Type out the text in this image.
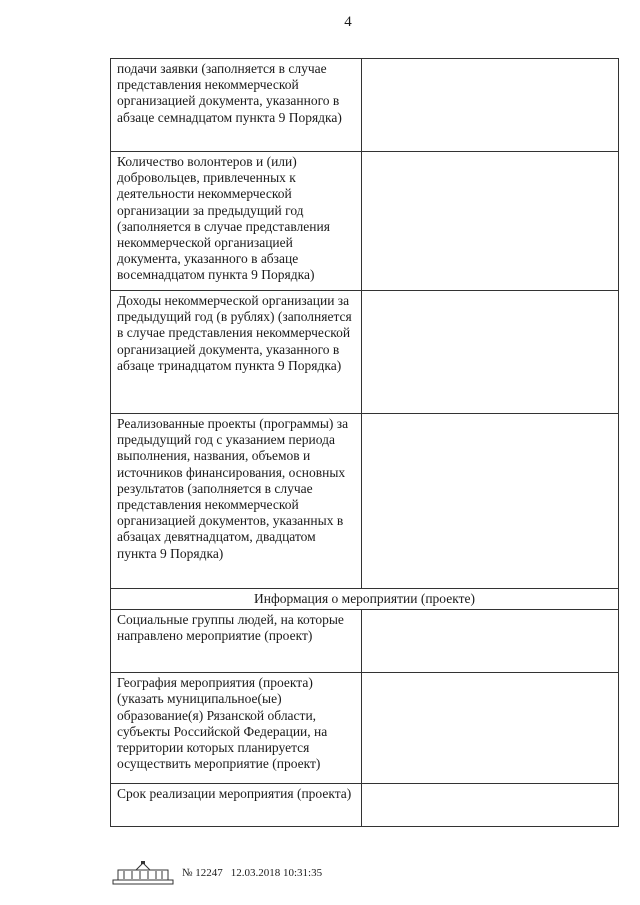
4
подачи заявки (заполняется в случае представления некоммерческой организацией документа, указанного в абзаце семнадцатом пункта 9 Порядка)	
Количество волонтеров и (или) добровольцев, привлеченных к деятельности некоммерческой организации за предыдущий год (заполняется в случае представления некоммерческой организацией документа, указанного в абзаце восемнадцатом пункта 9 Порядка)	
Доходы некоммерческой организации за предыдущий год (в рублях) (заполняется в случае представления некоммерческой организацией документа, указанного в абзаце тринадцатом пункта 9 Порядка)	
Реализованные проекты (программы) за предыдущий год с указанием периода выполнения, названия, объемов и источников финансирования, основных результатов (заполняется в случае представления некоммерческой организацией документов, указанных в абзацах девятнадцатом, двадцатом пункта 9 Порядка)	
Информация о мероприятии (проекте)	
Социальные группы людей, на которые направлено мероприятие (проект)	
География мероприятия (проекта) (указать муниципальное(ые) образование(я) Рязанской области, субъекты Российской Федерации, на территории которых планируется осуществить мероприятие (проект)	
Срок реализации мероприятия (проекта)	
№ 12247 12.03.2018 10:31:35
